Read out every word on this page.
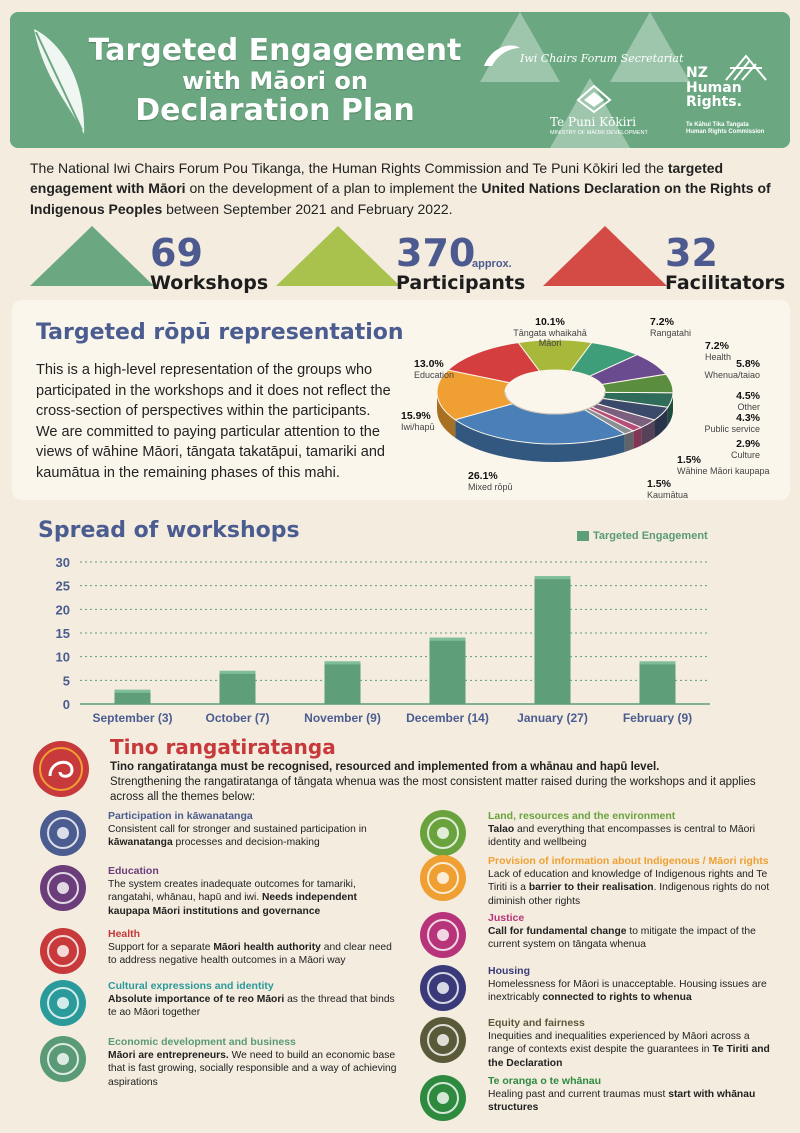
Targeted Engagement
with Māori on
Declaration Plan
Iwi Chairs Forum Secretariat
Te Puni Kōkiri
MINISTRY OF MĀORI DEVELOPMENT
NZ
Human
Rights.
Te Kāhui Tika Tangata
Human Rights Commission
The National Iwi Chairs Forum Pou Tikanga, the Human Rights Commission and Te Puni Kōkiri led the targeted engagement with Māori on the development of a plan to implement the United Nations Declaration on the Rights of Indigenous Peoples between September 2021 and February 2022.
69
Workshops
370
approx.
Participants
32
Facilitators
Targeted rōpū representation
This is a high-level representation of the groups who participated in the workshops and it does not reflect the cross-section of perspectives within the participants. We are committed to paying particular attention to the views of wāhine Māori, tāngata takatāpui, tamariki and kaumātua in the remaining phases of this mahi.
10.1%
Tāngata whaikahā Māori
7.2%
Rangatahi
7.2%
Health
5.8%
Whenua/taiao
4.5%
Other
4.3%
Public service
2.9%
Culture
1.5%
Wāhine Māori kaupapa
1.5%
Kaumātua
26.1%
Mixed rōpū
15.9%
Iwi/hapū
13.0%
Education
Spread of workshops	Targeted Engagement
0
5
10
15
20
25
30
September (3)	October (7)	November (9) December (14) January (27)	February (9)
Tino rangatiratanga
Tino rangatiratanga must be recognised, resourced and implemented from a whānau and hapū level.
Strengthening the rangatiratanga of tāngata whenua was the most consistent matter raised during the workshops and it applies across all the themes below:
Participation in kāwanatanga
Consistent call for stronger and sustained participation in kāwanatanga processes and decision-making
Education
The system creates inadequate outcomes for tamariki, rangatahi, whānau, hapū and iwi. Needs independent kaupapa Māori institutions and governance
Health
Support for a separate Māori health authority and clear need to address negative health outcomes in a Māori way
Cultural expressions and identity
Absolute importance of te reo Māori as the thread that binds te ao Māori together
Economic development and business
Māori are entrepreneurs. We need to build an economic base that is fast growing, socially responsible and a way of achieving aspirations
Land, resources and the environment
Talao and everything that encompasses is central to Māori identity and wellbeing
Provision of information about Indigenous / Māori rights
Lack of education and knowledge of Indigenous rights and Te Tiriti is a barrier to their realisation. Indigenous rights do not diminish other rights
Justice
Call for fundamental change to mitigate the impact of the current system on tāngata whenua
Housing
Homelessness for Māori is unacceptable. Housing issues are inextricably connected to rights to whenua
Equity and fairness
Inequities and inequalities experienced by Māori across a range of contexts exist despite the guarantees in Te Tiriti and the Declaration
Te oranga o te whānau
Healing past and current traumas must start with whānau structures
